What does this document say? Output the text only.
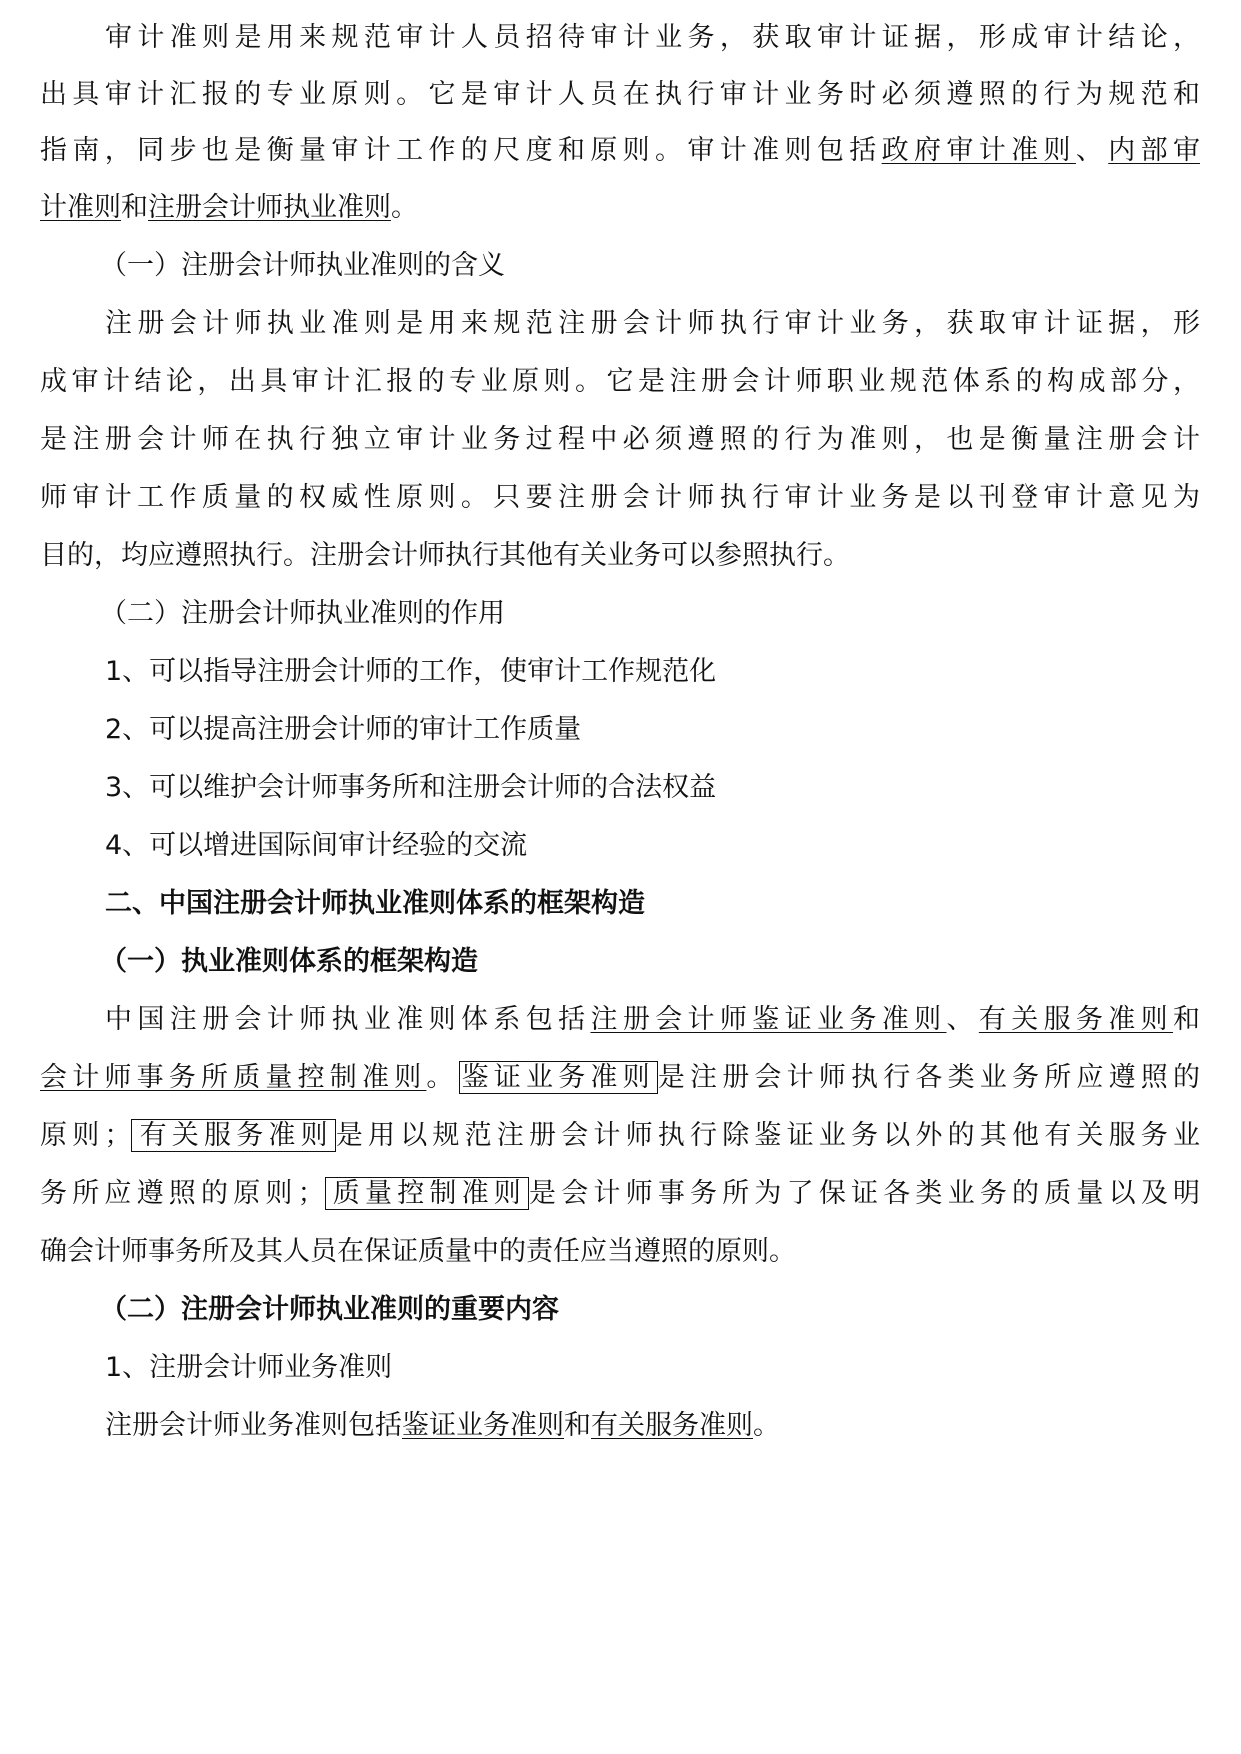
审计准则是用来规范审计人员招待审计业务，获取审计证据，形成审计结论，
出具审计汇报的专业原则。它是审计人员在执行审计业务时必须遵照的行为规范和
指南，同步也是衡量审计工作的尺度和原则。审计准则包括政府审计准则、内部审
计准则和注册会计师执业准则。
（一）注册会计师执业准则的含义
注册会计师执业准则是用来规范注册会计师执行审计业务，获取审计证据，形
成审计结论，出具审计汇报的专业原则。它是注册会计师职业规范体系的构成部分，
是注册会计师在执行独立审计业务过程中必须遵照的行为准则，也是衡量注册会计
师审计工作质量的权威性原则。只要注册会计师执行审计业务是以刊登审计意见为
目的，均应遵照执行。注册会计师执行其他有关业务可以参照执行。
（二）注册会计师执业准则的作用
1、可以指导注册会计师的工作，使审计工作规范化
2、可以提高注册会计师的审计工作质量
3、可以维护会计师事务所和注册会计师的合法权益
4、可以增进国际间审计经验的交流
二、中国注册会计师执业准则体系的框架构造
（一）执业准则体系的框架构造
中国注册会计师执业准则体系包括注册会计师鉴证业务准则、有关服务准则和
会计师事务所质量控制准则。 鉴证业务准则 是注册会计师执行各类业务所应遵照的
原则； 有关服务准则 是用以规范注册会计师执行除鉴证业务以外的其他有关服务业
务所应遵照的原则； 质量控制准则 是会计师事务所为了保证各类业务的质量以及明
确会计师事务所及其人员在保证质量中的责任应当遵照的原则。
（二）注册会计师执业准则的重要内容
1、注册会计师业务准则
注册会计师业务准则包括鉴证业务准则和有关服务准则。
